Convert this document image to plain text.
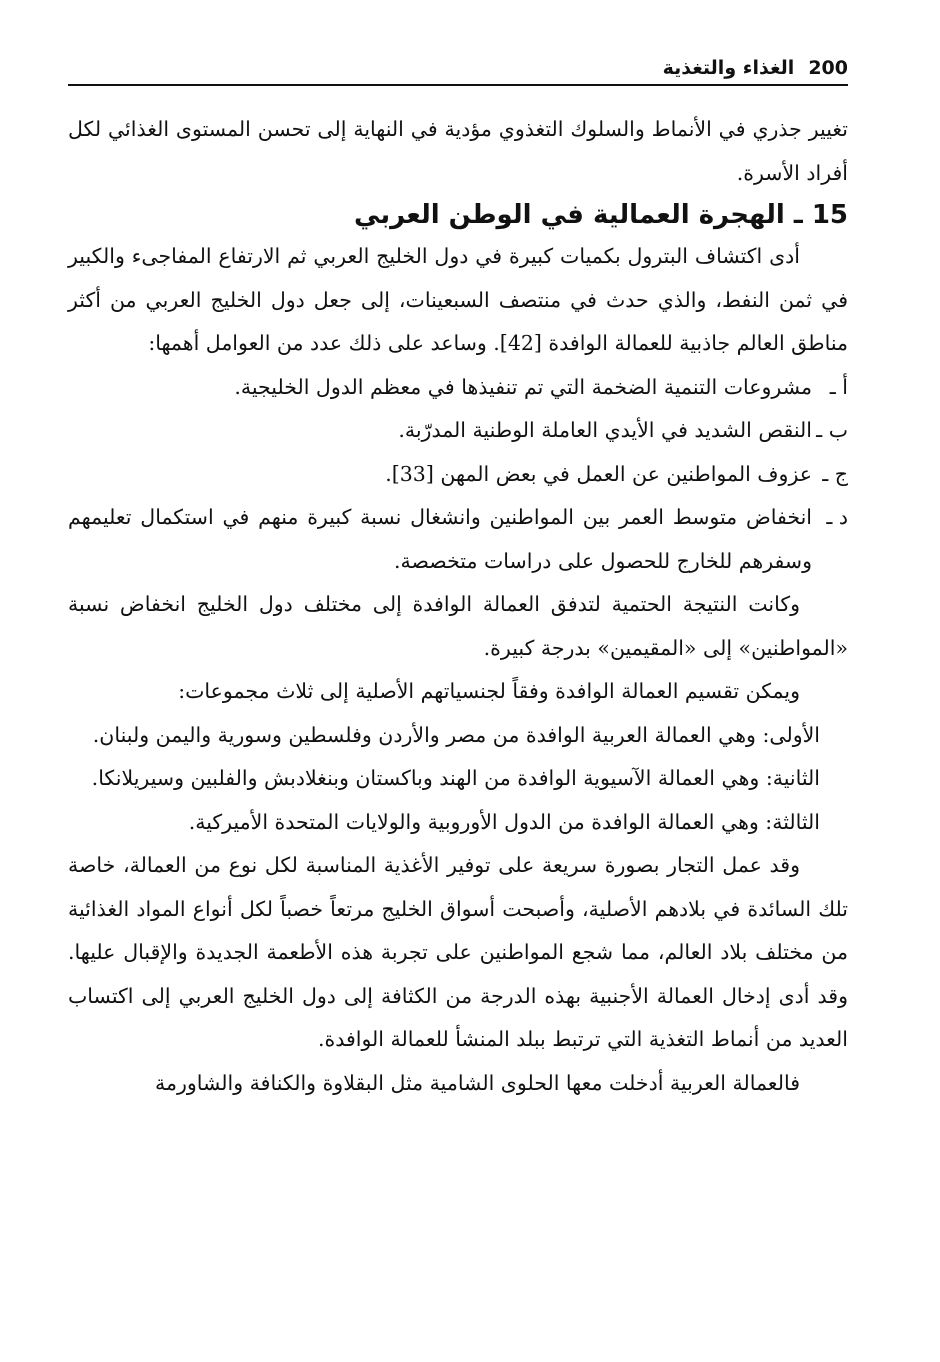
200
الغذاء والتغذية

تغيير جذري في الأنماط والسلوك التغذوي مؤدية في النهاية إلى تحسن المستوى الغذائي لكل أفراد الأسرة.

15 ـ الهجرة العمالية في الوطن العربي

أدى اكتشاف البترول بكميات كبيرة في دول الخليج العربي ثم الارتفاع المفاجىء والكبير في ثمن النفط، والذي حدث في منتصف السبعينات، إلى جعل دول الخليج العربي من أكثر مناطق العالم جاذبية للعمالة الوافدة [42]. وساعد على ذلك عدد من العوامل أهمها:

أ ـ
مشروعات التنمية الضخمة التي تم تنفيذها في معظم الدول الخليجية.
ب ـ
النقص الشديد في الأيدي العاملة الوطنية المدرّبة.
ج ـ
عزوف المواطنين عن العمل في بعض المهن [33].
د ـ
انخفاض متوسط العمر بين المواطنين وانشغال نسبة كبيرة منهم في استكمال تعليمهم وسفرهم للخارج للحصول على دراسات متخصصة.

وكانت النتيجة الحتمية لتدفق العمالة الوافدة إلى مختلف دول الخليج انخفاض نسبة «المواطنين» إلى «المقيمين» بدرجة كبيرة.

ويمكن تقسيم العمالة الوافدة وفقاً لجنسياتهم الأصلية إلى ثلاث مجموعات:

الأولى: وهي العمالة العربية الوافدة من مصر والأردن وفلسطين وسورية واليمن ولبنان.

الثانية: وهي العمالة الآسيوية الوافدة من الهند وباكستان وبنغلادبش والفلبين وسيريلانكا.

الثالثة: وهي العمالة الوافدة من الدول الأوروبية والولايات المتحدة الأميركية.

وقد عمل التجار بصورة سريعة على توفير الأغذية المناسبة لكل نوع من العمالة، خاصة تلك السائدة في بلادهم الأصلية، وأصبحت أسواق الخليج مرتعاً خصباً لكل أنواع المواد الغذائية من مختلف بلاد العالم، مما شجع المواطنين على تجربة هذه الأطعمة الجديدة والإقبال عليها. وقد أدى إدخال العمالة الأجنبية بهذه الدرجة من الكثافة إلى دول الخليج العربي إلى اكتساب العديد من أنماط التغذية التي ترتبط ببلد المنشأ للعمالة الوافدة.

فالعمالة العربية أدخلت معها الحلوى الشامية مثل البقلاوة والكنافة والشاورمة
